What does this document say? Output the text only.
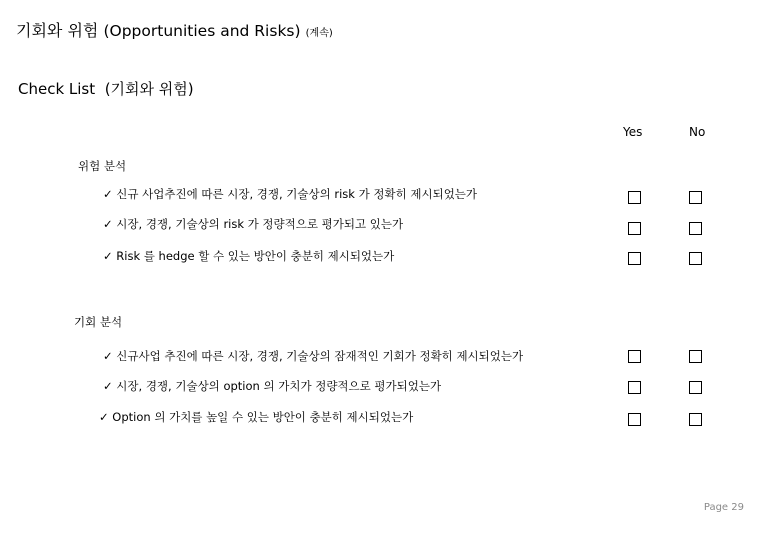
기회와 위험 (Opportunities and Risks) (계속)
Check List (기회와 위험)
Yes	No
위험 분석
✓ 신규 사업추진에 따른 시장, 경쟁, 기술상의 risk 가 정확히 제시되었는가
✓ 시장, 경쟁, 기술상의 risk 가 정량적으로 평가되고 있는가
✓ Risk 를 hedge 할 수 있는 방안이 충분히 제시되었는가
기회 분석
✓ 신규사업 추진에 따른 시장, 경쟁, 기술상의 잠재적인 기회가 정확히 제시되었는가
✓ 시장, 경쟁, 기술상의 option 의 가치가 정량적으로 평가되었는가
✓ Option 의 가치를 높일 수 있는 방안이 충분히 제시되었는가
Page 29
